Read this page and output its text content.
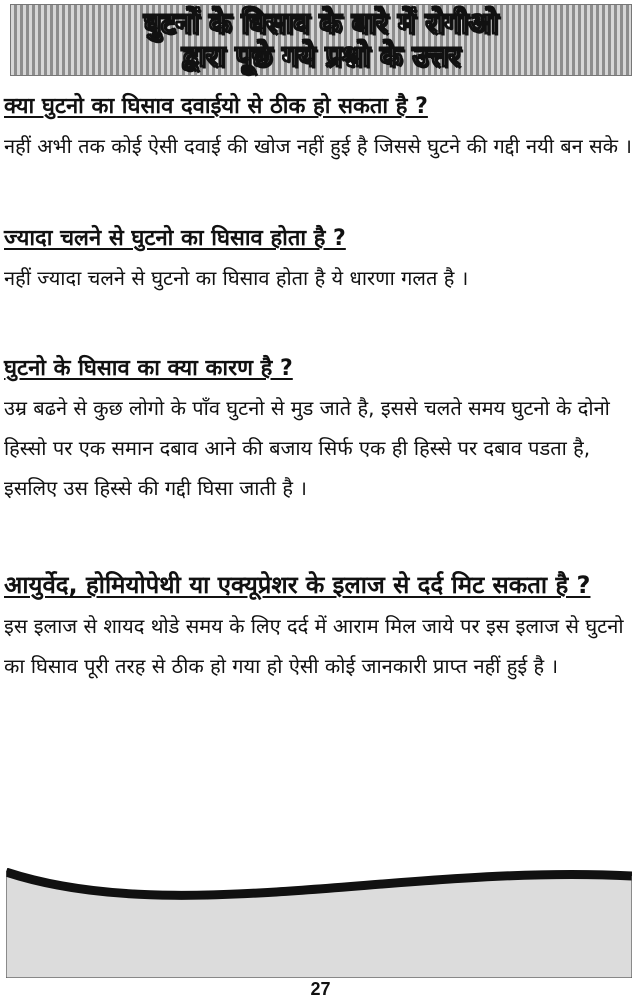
घुटनों के घिसाव के बारे में रोगीओ
द्वारा पूछे गये प्रश्नो के उत्तर

क्या घुटनो का घिसाव दवाईयो से ठीक हो सकता है ?

नहीं अभी तक कोई ऐसी दवाई की खोज नहीं हुई है जिससे घुटने की गद्दी नयी बन सके ।

ज्यादा चलने से घुटनो का घिसाव होता है ?

नहीं ज्यादा चलने से घुटनो का घिसाव होता है ये धारणा गलत है ।

घुटनो के घिसाव का क्या कारण है ?

उम्र बढने से कुछ लोगो के पाँव घुटनो से मुड जाते है, इससे चलते समय घुटनो के दोनो हिस्सो पर एक समान दबाव आने की बजाय सिर्फ एक ही हिस्से पर दबाव पडता है, इसलिए उस हिस्से की गद्दी घिसा जाती है ।

आयुर्वेद, होमियोपेथी या एक्यूप्रेशर के इलाज से दर्द मिट सकता है ?

इस इलाज से शायद थोडे समय के लिए दर्द में आराम मिल जाये पर इस इलाज से घुटनो का घिसाव पूरी तरह से ठीक हो गया हो ऐसी कोई जानकारी प्राप्त नहीं हुई है ।

27
